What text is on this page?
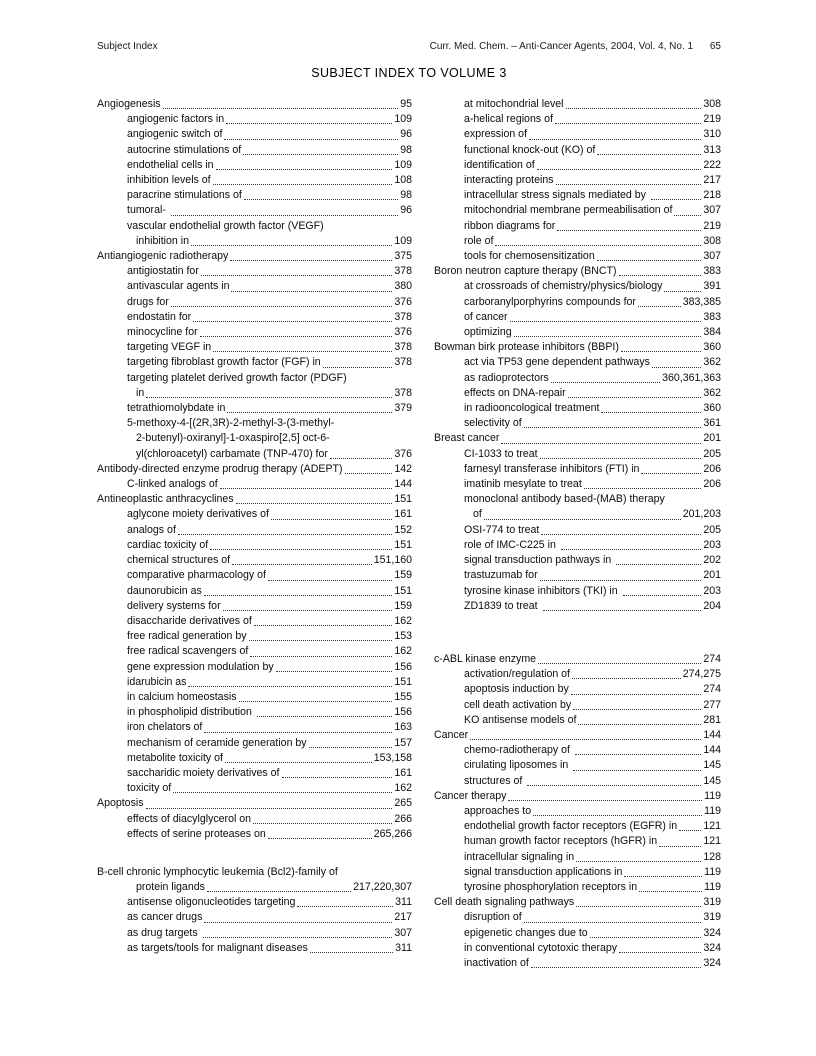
Subject Index	Curr. Med. Chem. – Anti-Cancer Agents, 2004, Vol. 4, No. 1 65
SUBJECT INDEX TO VOLUME 3
Angiogenesis	95
angiogenic factors in	109
angiogenic switch of	96
autocrine stimulations of	98
endothelial cells in	109
inhibition levels of	108
paracrine stimulations of	98
tumoral-	96
vascular endothelial growth factor (VEGF)
inhibition in	109
Antiangiogenic radiotherapy	375
antigiostatin for	378
antivascular agents in	380
drugs for	376
endostatin for	378
minocycline for	376
targeting VEGF in	378
targeting fibroblast growth factor (FGF) in	378
targeting platelet derived growth factor (PDGF)
in	378
tetrathiomolybdate in	379
5-methoxy-4-[(2R,3R)-2-methyl-3-(3-methyl-
2-butenyl)-oxiranyl]-1-oxaspiro[2,5] oct-6-
yl(chloroacetyl) carbamate (TNP-470) for	376
Antibody-directed enzyme prodrug therapy (ADEPT)	142
C-linked analogs of	144
Antineoplastic anthracyclines	151
aglycone moiety derivatives of	161
analogs of	152
cardiac toxicity of	151
chemical structures of	151,160
comparative pharmacology of	159
daunorubicin as	151
delivery systems for	159
disaccharide derivatives of	162
free radical generation by	153
free radical scavengers of	162
gene expression modulation by	156
idarubicin as	151
in calcium homeostasis	155
in phospholipid distribution	156
iron chelators of	163
mechanism of ceramide generation by	157
metabolite toxicity of	153,158
saccharidic moiety derivatives of	161
toxicity of	162
Apoptosis	265
effects of diacylglycerol on	266
effects of serine proteases on	265,266
B-cell chronic lymphocytic leukemia (Bcl2)-family of
protein ligands	217,220,307
antisense oligonucleotides targeting	311
as cancer drugs	217
as drug targets	307
as targets/tools for malignant diseases	311
at mitochondrial level	308
a-helical regions of	219
expression of	310
functional knock-out (KO) of	313
identification of	222
interacting proteins	217
intracellular stress signals mediated by	218
mitochondrial membrane permeabilisation of	307
ribbon diagrams for	219
role of	308
tools for chemosensitization	307
Boron neutron capture therapy (BNCT)	383
at crossroads of chemistry/physics/biology	391
carboranylporphyrins compounds for	383,385
of cancer	383
optimizing	384
Bowman birk protease inhibitors (BBPI)	360
act via TP53 gene dependent pathways	362
as radioprotectors	360,361,363
effects on DNA-repair	362
in radiooncological treatment	360
selectivity of	361
Breast cancer	201
CI-1033 to treat	205
farnesyl transferase inhibitors (FTI) in	206
imatinib mesylate to treat	206
monoclonal antibody based-(MAB) therapy
of	201,203
OSI-774 to treat	205
role of IMC-C225 in	203
signal transduction pathways in	202
trastuzumab for	201
tyrosine kinase inhibitors (TKI) in	203
ZD1839 to treat	204
c-ABL kinase enzyme	274
activation/regulation of	274,275
apoptosis induction by	274
cell death activation by	277
KO antisense models of	281
Cancer	144
chemo-radiotherapy of	144
cirulating liposomes in	145
structures of	145
Cancer therapy	119
approaches to	119
endothelial growth factor receptors (EGFR) in 121
human growth factor receptors (hGFR) in	121
intracellular signaling in	128
signal transduction applications in	119
tyrosine phosphorylation receptors in	119
Cell death signaling pathways	319
disruption of	319
epigenetic changes due to	324
in conventional cytotoxic therapy	324
inactivation of	324
